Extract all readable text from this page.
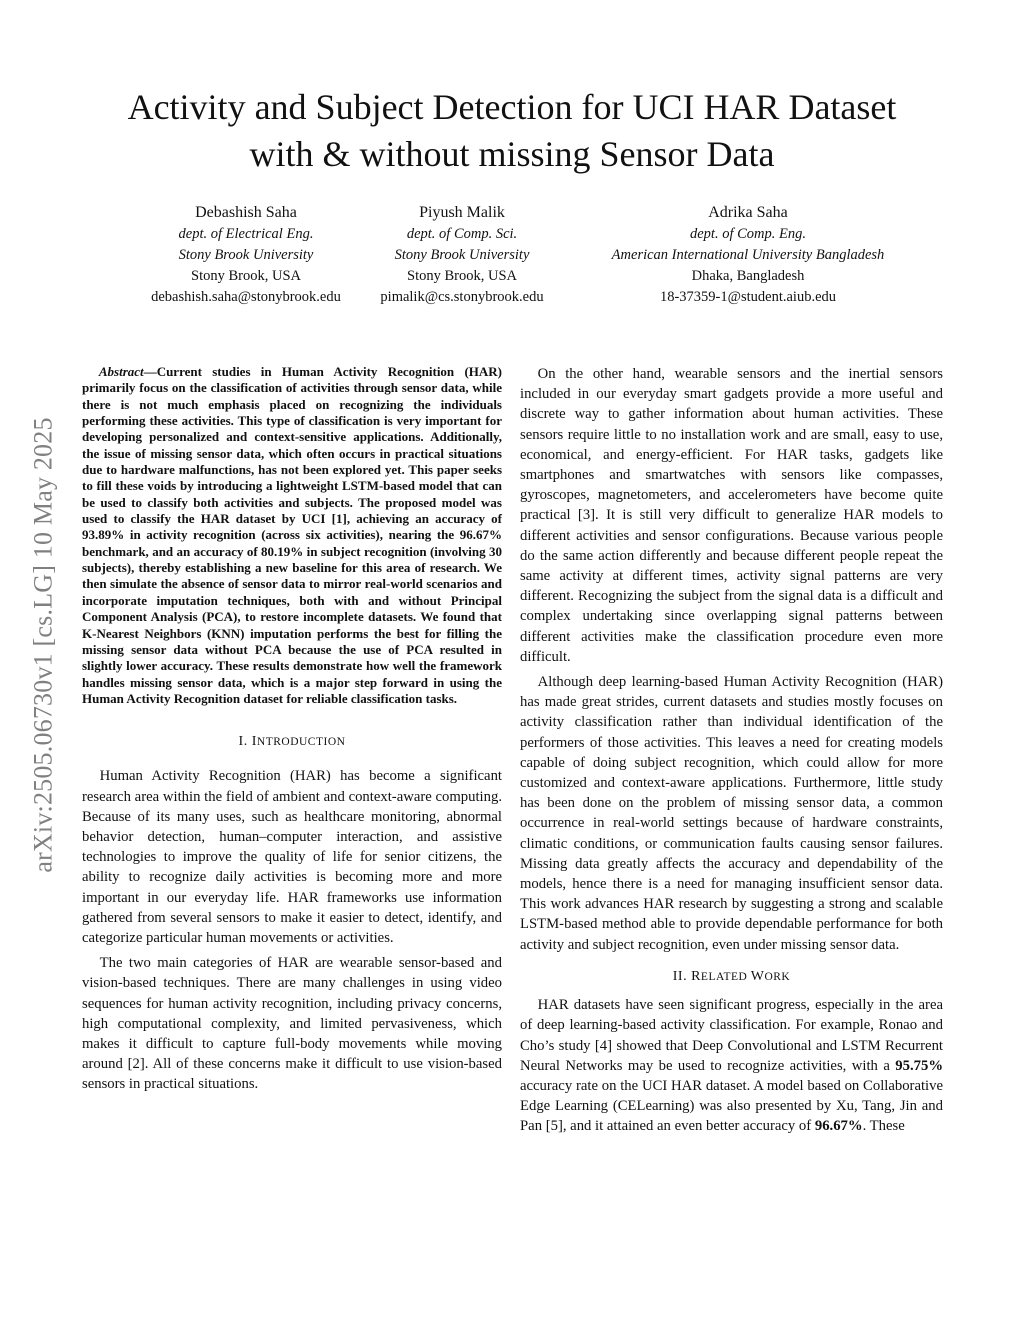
arXiv:2505.06730v1 [cs.LG] 10 May 2025
Activity and Subject Detection for UCI HAR Dataset with & without missing Sensor Data
Debashish Saha
dept. of Electrical Eng.
Stony Brook University
Stony Brook, USA
debashish.saha@stonybrook.edu
Piyush Malik
dept. of Comp. Sci.
Stony Brook University
Stony Brook, USA
pimalik@cs.stonybrook.edu
Adrika Saha
dept. of Comp. Eng.
American International University Bangladesh
Dhaka, Bangladesh
18-37359-1@student.aiub.edu

Abstract—Current studies in Human Activity Recognition (HAR) primarily focus on the classification of activities through sensor data, while there is not much emphasis placed on recognizing the individuals performing these activities. This type of classification is very important for developing personalized and context-sensitive applications. Additionally, the issue of missing sensor data, which often occurs in practical situations due to hardware malfunctions, has not been explored yet. This paper seeks to fill these voids by introducing a lightweight LSTM-based model that can be used to classify both activities and subjects. The proposed model was used to classify the HAR dataset by UCI [1], achieving an accuracy of 93.89% in activity recognition (across six activities), nearing the 96.67% benchmark, and an accuracy of 80.19% in subject recognition (involving 30 subjects), thereby establishing a new baseline for this area of research. We then simulate the absence of sensor data to mirror real-world scenarios and incorporate imputation techniques, both with and without Principal Component Analysis (PCA), to restore incomplete datasets. We found that K-Nearest Neighbors (KNN) imputation performs the best for filling the missing sensor data without PCA because the use of PCA resulted in slightly lower accuracy. These results demonstrate how well the framework handles missing sensor data, which is a major step forward in using the Human Activity Recognition dataset for reliable classification tasks.

I. INTRODUCTION

Human Activity Recognition (HAR) has become a significant research area within the field of ambient and context-aware computing. Because of its many uses, such as healthcare monitoring, abnormal behavior detection, human–computer interaction, and assistive technologies to improve the quality of life for senior citizens, the ability to recognize daily activities is becoming more and more important in our everyday life. HAR frameworks use information gathered from several sensors to make it easier to detect, identify, and categorize particular human movements or activities.

The two main categories of HAR are wearable sensor-based and vision-based techniques. There are many challenges in using video sequences for human activity recognition, including privacy concerns, high computational complexity, and limited pervasiveness, which makes it difficult to capture full-body movements while moving around [2]. All of these concerns make it difficult to use vision-based sensors in practical situations.

On the other hand, wearable sensors and the inertial sensors included in our everyday smart gadgets provide a more useful and discrete way to gather information about human activities. These sensors require little to no installation work and are small, easy to use, economical, and energy-efficient. For HAR tasks, gadgets like smartphones and smartwatches with sensors like compasses, gyroscopes, magnetometers, and accelerometers have become quite practical [3]. It is still very difficult to generalize HAR models to different activities and sensor configurations. Because various people do the same action differently and because different people repeat the same activity at different times, activity signal patterns are very different. Recognizing the subject from the signal data is a difficult and complex undertaking since overlapping signal patterns between different activities make the classification procedure even more difficult.

Although deep learning-based Human Activity Recognition (HAR) has made great strides, current datasets and studies mostly focuses on activity classification rather than individual identification of the performers of those activities. This leaves a need for creating models capable of doing subject recognition, which could allow for more customized and context-aware applications. Furthermore, little study has been done on the problem of missing sensor data, a common occurrence in real-world settings because of hardware constraints, climatic conditions, or communication faults causing sensor failures. Missing data greatly affects the accuracy and dependability of the models, hence there is a need for managing insufficient sensor data. This work advances HAR research by suggesting a strong and scalable LSTM-based method able to provide dependable performance for both activity and subject recognition, even under missing sensor data.

II. RELATED WORK

HAR datasets have seen significant progress, especially in the area of deep learning-based activity classification. For example, Ronao and Cho’s study [4] showed that Deep Convolutional and LSTM Recurrent Neural Networks may be used to recognize activities, with a 95.75% accuracy rate on the UCI HAR dataset. A model based on Collaborative Edge Learning (CELearning) was also presented by Xu, Tang, Jin and Pan [5], and it attained an even better accuracy of 96.67%. These
